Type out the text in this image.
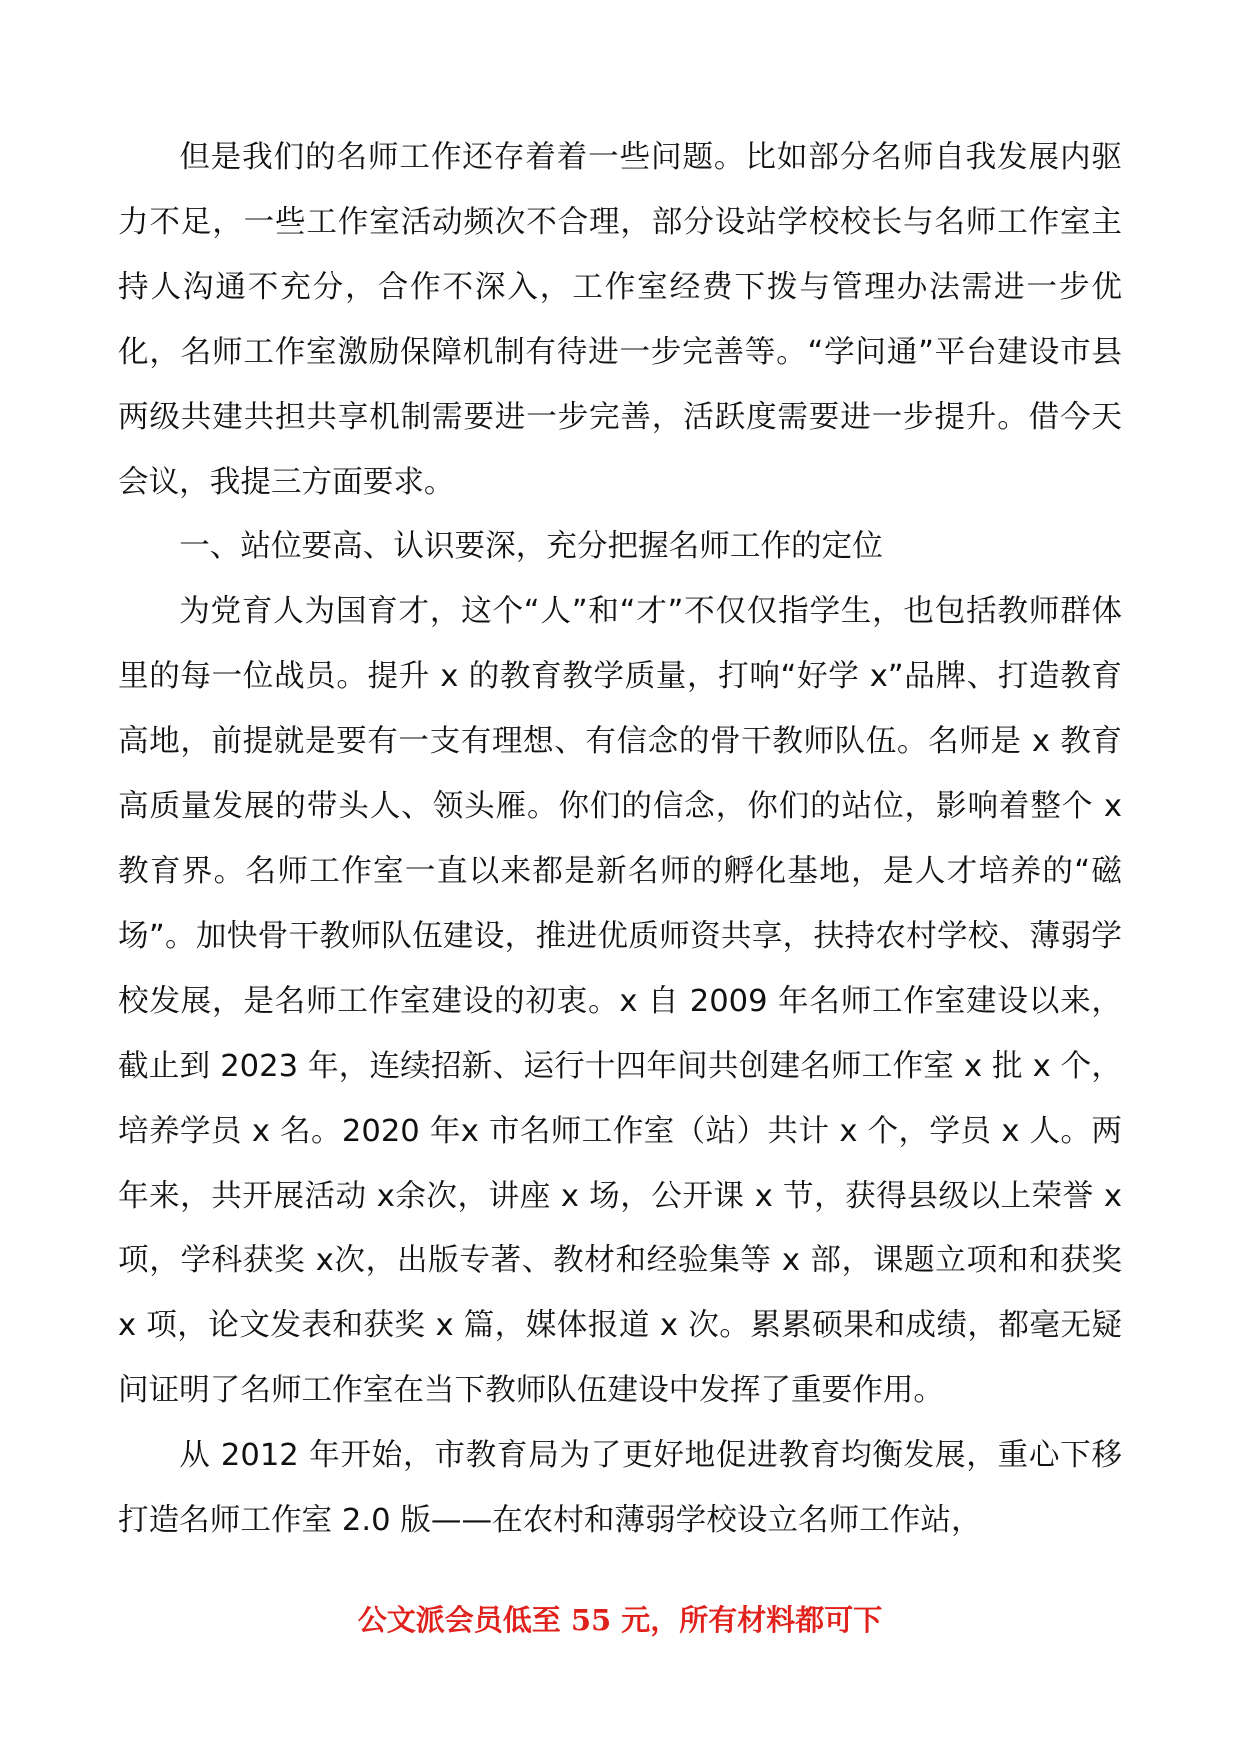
但是我们的名师工作还存着着一些问题。比如部分名师自我发展内驱力不足，一些工作室活动频次不合理，部分设站学校校长与名师工作室主持人沟通不充分，合作不深入，工作室经费下拨与管理办法需进一步优化，名师工作室激励保障机制有待进一步完善等。“学问通”平台建设市县两级共建共担共享机制需要进一步完善，活跃度需要进一步提升。借今天会议，我提三方面要求。

一、站位要高、认识要深，充分把握名师工作的定位

为党育人为国育才，这个“人”和“才”不仅仅指学生，也包括教师群体里的每一位战员。提升 x 的教育教学质量，打响“好学 x”品牌、打造教育高地，前提就是要有一支有理想、有信念的骨干教师队伍。名师是 x 教育高质量发展的带头人、领头雁。你们的信念，你们的站位，影响着整个 x 教育界。名师工作室一直以来都是新名师的孵化基地，是人才培养的“磁场”。加快骨干教师队伍建设，推进优质师资共享，扶持农村学校、薄弱学校发展，是名师工作室建设的初衷。x 自 2009 年名师工作室建设以来，截止到 2023 年，连续招新、运行十四年间共创建名师工作室 x 批 x 个，培养学员 x 名。2020 年x 市名师工作室（站）共计 x 个，学员 x 人。两年来，共开展活动 x余次，讲座 x 场，公开课 x 节，获得县级以上荣誉 x 项，学科获奖 x次，出版专著、教材和经验集等 x 部，课题立项和和获奖 x 项，论文发表和获奖 x 篇，媒体报道 x 次。累累硕果和成绩，都毫无疑问证明了名师工作室在当下教师队伍建设中发挥了重要作用。

从 2012 年开始，市教育局为了更好地促进教育均衡发展，重心下移打造名师工作室 2.0 版——在农村和薄弱学校设立名师工作站，

公文派会员低至 55 元，所有材料都可下
